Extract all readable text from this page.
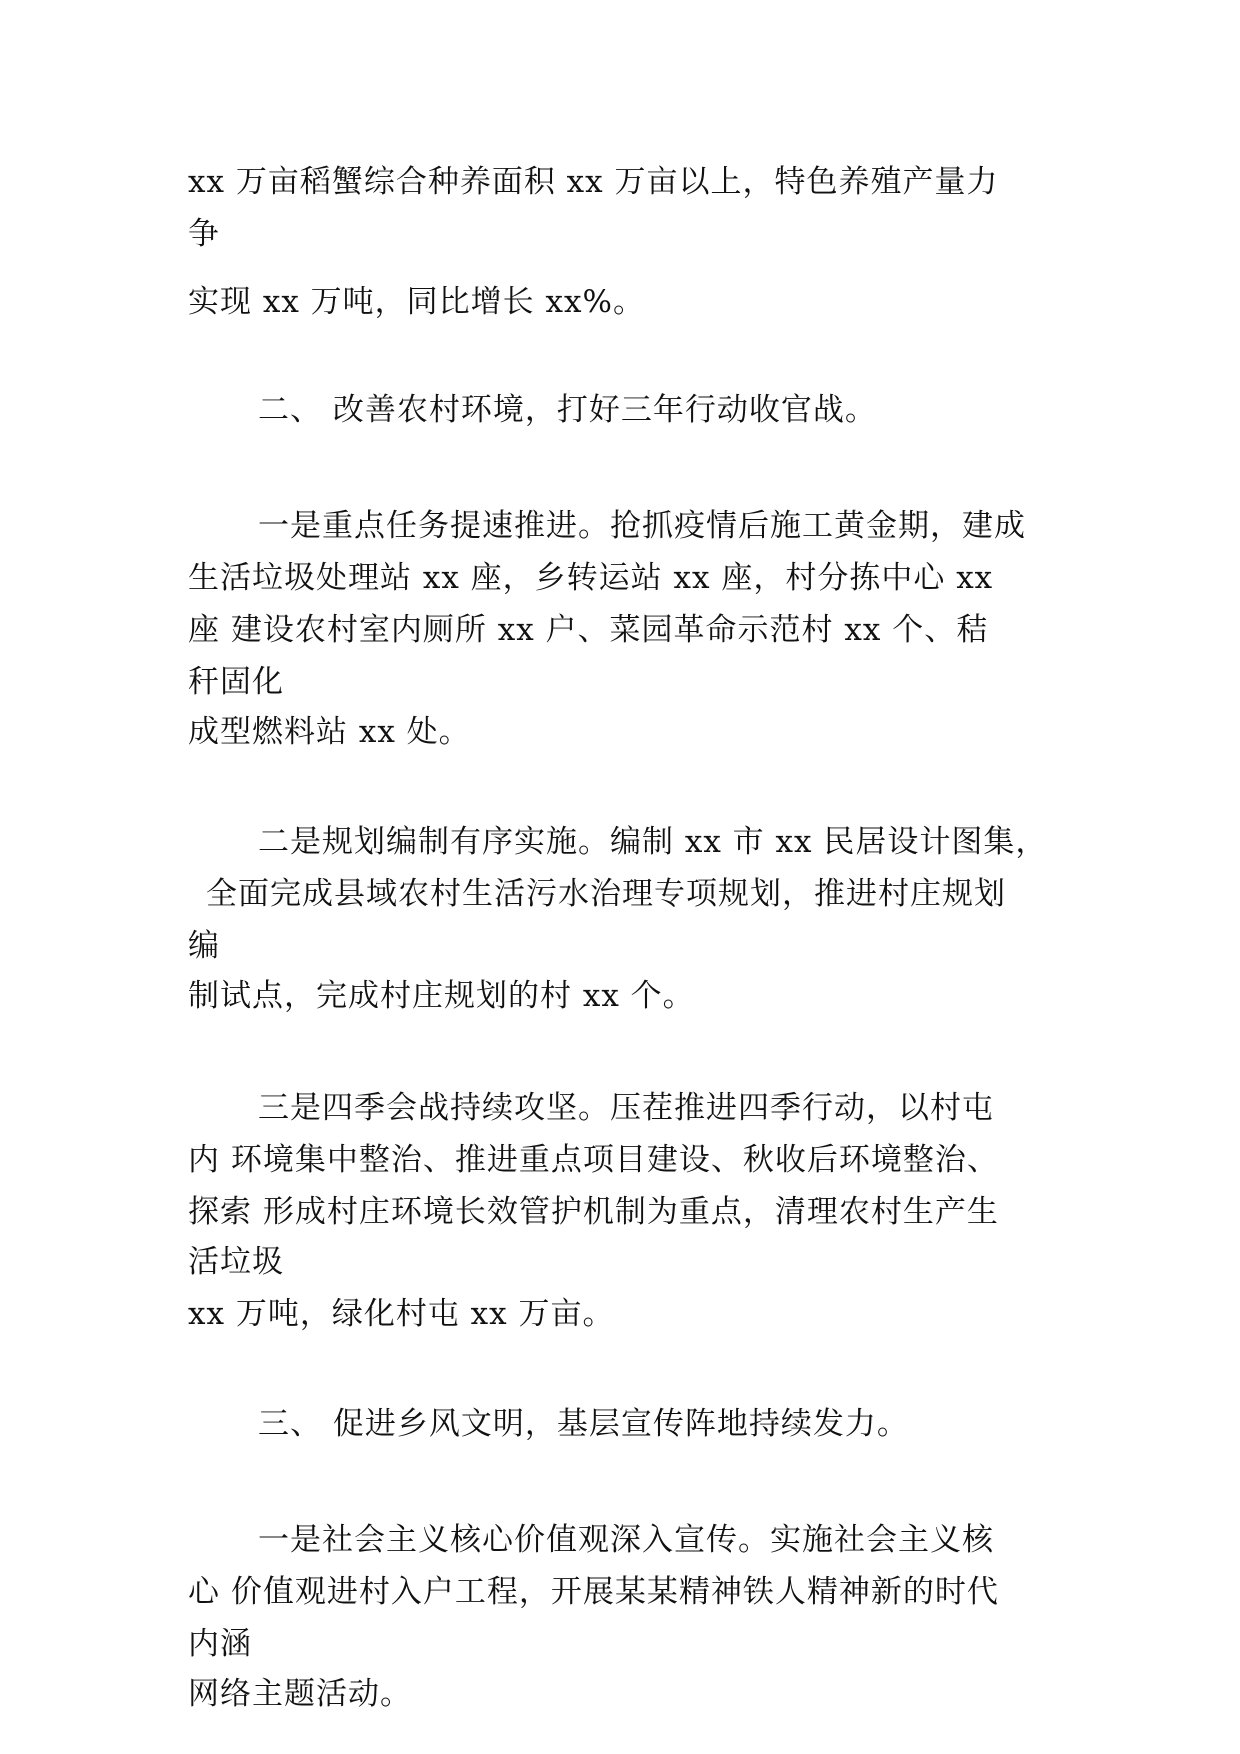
xx 万亩稻蟹综合种养面积 xx 万亩以上，特色养殖产量力
争
实现 xx 万吨，同比增长 xx%。
二、 改善农村环境，打好三年行动收官战。
一是重点任务提速推进。抢抓疫情后施工黄金期，建成
生活垃圾处理站 xx 座，乡转运站 xx 座，村分拣中心 xx
座 建设农村室内厕所 xx 户、菜园革命示范村 xx 个、秸
秆固化
成型燃料站 xx 处。
二是规划编制有序实施。编制 xx 市 xx 民居设计图集，
全面完成县域农村生活污水治理专项规划，推进村庄规划
编
制试点，完成村庄规划的村 xx 个。
三是四季会战持续攻坚。压茬推进四季行动，以村屯
内 环境集中整治、推进重点项目建设、秋收后环境整治、
探索 形成村庄环境长效管护机制为重点，清理农村生产生
活垃圾
xx 万吨，绿化村屯 xx 万亩。
三、 促进乡风文明，基层宣传阵地持续发力。
一是社会主义核心价值观深入宣传。实施社会主义核
心 价值观进村入户工程，开展某某精神铁人精神新的时代
内涵
网络主题活动。
